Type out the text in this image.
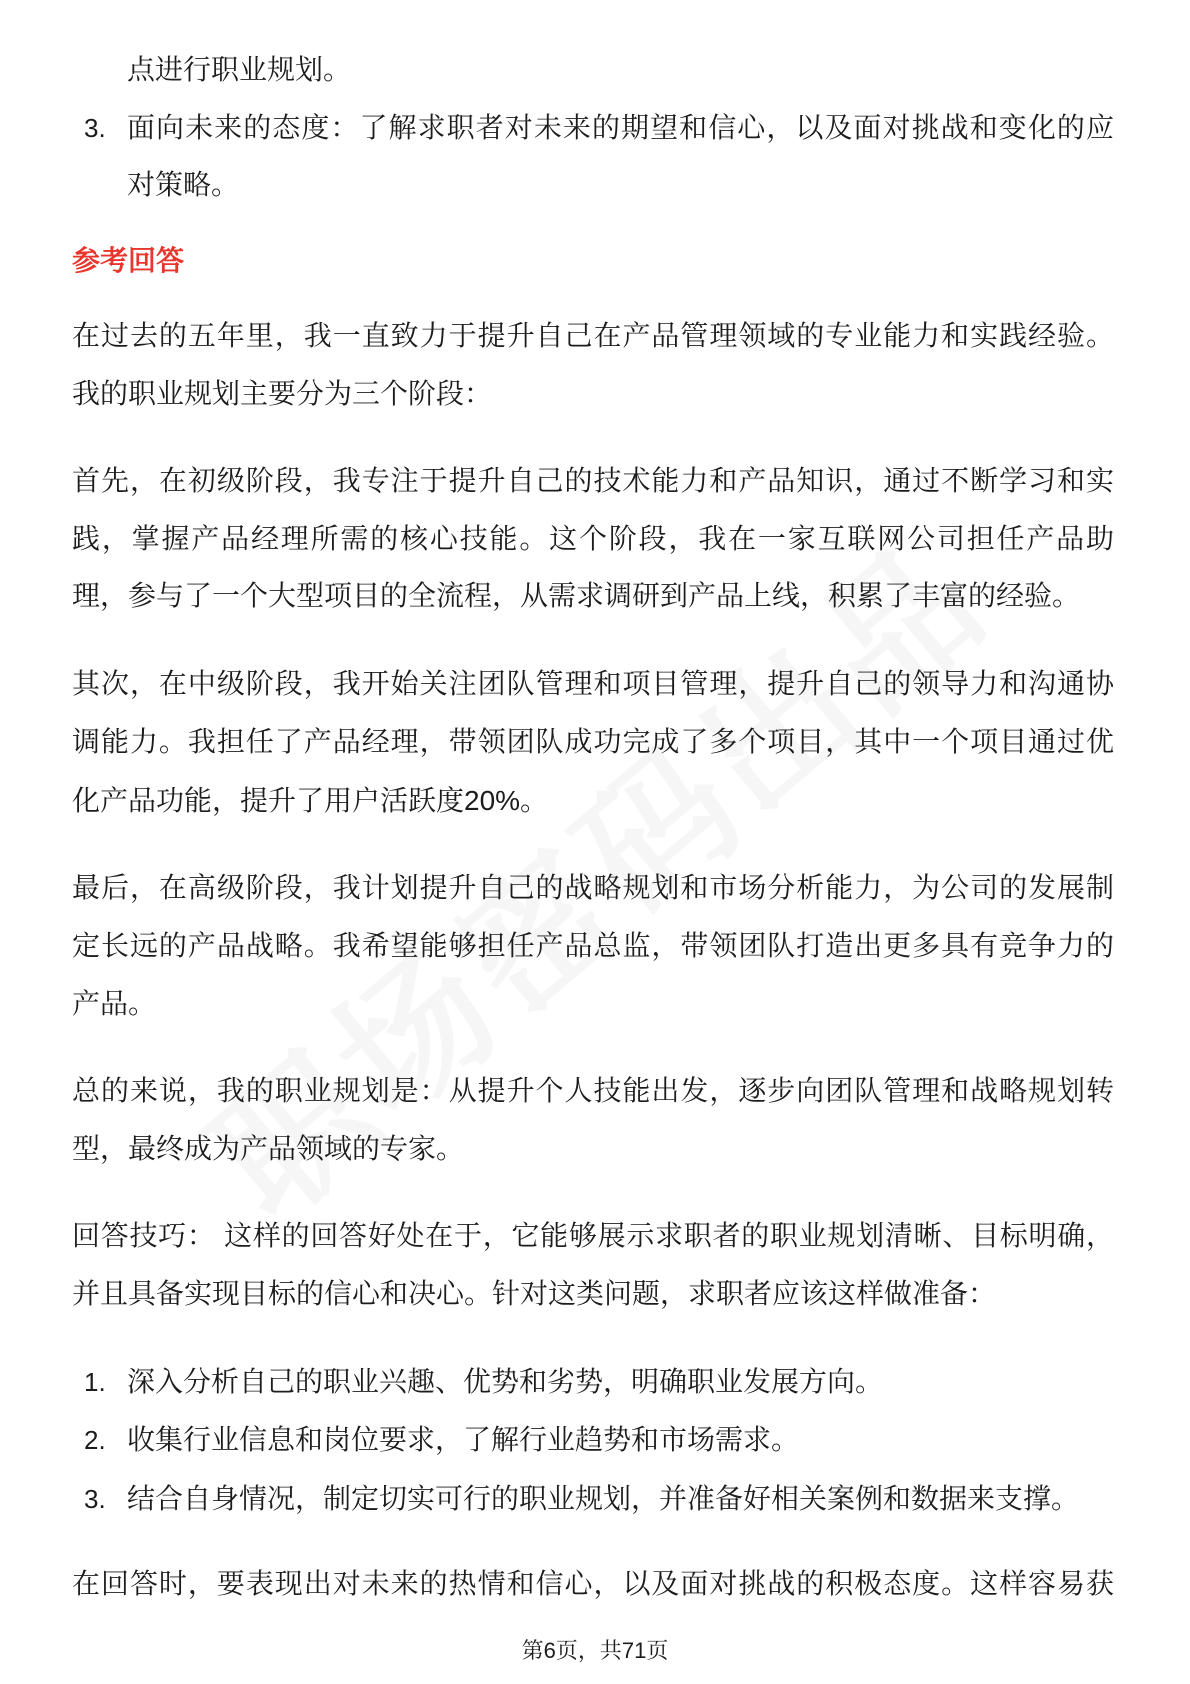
点进行职业规划。
3. 面向未来的态度：了解求职者对未来的期望和信心，以及面对挑战和变化的应
对策略。
参考回答
在过去的五年里，我一直致力于提升自己在产品管理领域的专业能力和实践经验。
我的职业规划主要分为三个阶段：
首先，在初级阶段，我专注于提升自己的技术能力和产品知识，通过不断学习和实
践，掌握产品经理所需的核心技能。这个阶段，我在一家互联网公司担任产品助
理，参与了一个大型项目的全流程，从需求调研到产品上线，积累了丰富的经验。
其次，在中级阶段，我开始关注团队管理和项目管理，提升自己的领导力和沟通协
调能力。我担任了产品经理，带领团队成功完成了多个项目，其中一个项目通过优
化产品功能，提升了用户活跃度20%。
最后，在高级阶段，我计划提升自己的战略规划和市场分析能力，为公司的发展制
定长远的产品战略。我希望能够担任产品总监，带领团队打造出更多具有竞争力的
产品。
总的来说，我的职业规划是：从提升个人技能出发，逐步向团队管理和战略规划转
型，最终成为产品领域的专家。
回答技巧： 这样的回答好处在于，它能够展示求职者的职业规划清晰、目标明确，
并且具备实现目标的信心和决心。针对这类问题，求职者应该这样做准备：
1. 深入分析自己的职业兴趣、优势和劣势，明确职业发展方向。
2. 收集行业信息和岗位要求，了解行业趋势和市场需求。
3. 结合自身情况，制定切实可行的职业规划，并准备好相关案例和数据来支撑。
在回答时，要表现出对未来的热情和信心，以及面对挑战的积极态度。这样容易获
第6页，共71页
